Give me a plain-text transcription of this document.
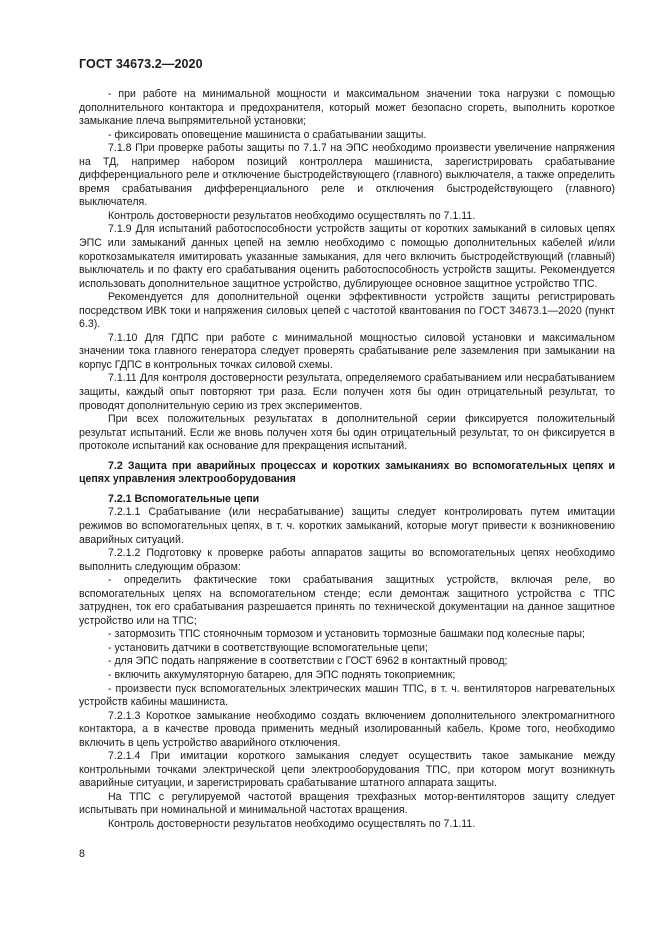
ГОСТ 34673.2—2020

- при работе на минимальной мощности и максимальном значении тока нагрузки с помощью дополнительного контактора и предохранителя, который может безопасно сгореть, выполнить короткое замыкание плеча выпрямительной установки;

- фиксировать оповещение машиниста о срабатывании защиты.

7.1.8 При проверке работы защиты по 7.1.7 на ЭПС необходимо произвести увеличение напряжения на ТД, например набором позиций контроллера машиниста, зарегистрировать срабатывание дифференциального реле и отключение быстродействующего (главного) выключателя, а также определить время срабатывания дифференциального реле и отключения быстродействующего (главного) выключателя.

Контроль достоверности результатов необходимо осуществлять по 7.1.11.

7.1.9 Для испытаний работоспособности устройств защиты от коротких замыканий в силовых цепях ЭПС или замыканий данных цепей на землю необходимо с помощью дополнительных кабелей и/или короткозамыкателя имитировать указанные замыкания, для чего включить быстродействующий (главный) выключатель и по факту его срабатывания оценить работоспособность устройств защиты. Рекомендуется использовать дополнительное защитное устройство, дублирующее основное защитное устройство ТПС.

Рекомендуется для дополнительной оценки эффективности устройств защиты регистрировать посредством ИВК токи и напряжения силовых цепей с частотой квантования по ГОСТ 34673.1—2020 (пункт 6.3).

7.1.10 Для ГДПС при работе с минимальной мощностью силовой установки и максимальном значении тока главного генератора следует проверять срабатывание реле заземления при замыкании на корпус ГДПС в контрольных точках силовой схемы.

7.1.11 Для контроля достоверности результата, определяемого срабатыванием или несрабатыванием защиты, каждый опыт повторяют три раза. Если получен хотя бы один отрицательный результат, то проводят дополнительную серию из трех экспериментов.

При всех положительных результатах в дополнительной серии фиксируется положительный результат испытаний. Если же вновь получен хотя бы один отрицательный результат, то он фиксируется в протоколе испытаний как основание для прекращения испытаний.

7.2 Защита при аварийных процессах и коротких замыканиях во вспомогательных цепях и цепях управления электрооборудования

7.2.1 Вспомогательные цепи

7.2.1.1 Срабатывание (или несрабатывание) защиты следует контролировать путем имитации режимов во вспомогательных цепях, в т. ч. коротких замыканий, которые могут привести к возникновению аварийных ситуаций.

7.2.1.2 Подготовку к проверке работы аппаратов защиты во вспомогательных цепях необходимо выполнить следующим образом:

- определить фактические токи срабатывания защитных устройств, включая реле, во вспомогательных цепях на вспомогательном стенде; если демонтаж защитного устройства с ТПС затруднен, ток его срабатывания разрешается принять по технической документации на данное защитное устройство или на ТПС;

- затормозить ТПС стояночным тормозом и установить тормозные башмаки под колесные пары;

- установить датчики в соответствующие вспомогательные цепи;

- для ЭПС подать напряжение в соответствии с ГОСТ 6962 в контактный провод;

- включить аккумуляторную батарею, для ЭПС поднять токоприемник;

- произвести пуск вспомогательных электрических машин ТПС, в т. ч. вентиляторов нагревательных устройств кабины машиниста.

7.2.1.3 Короткое замыкание необходимо создать включением дополнительного электромагнитного контактора, а в качестве провода применить медный изолированный кабель. Кроме того, необходимо включить в цепь устройство аварийного отключения.

7.2.1.4 При имитации короткого замыкания следует осуществить такое замыкание между контрольными точками электрической цепи электрооборудования ТПС, при котором могут возникнуть аварийные ситуации, и зарегистрировать срабатывание штатного аппарата защиты.

На ТПС с регулируемой частотой вращения трехфазных мотор-вентиляторов защиту следует испытывать при номинальной и минимальной частотах вращения.

Контроль достоверности результатов необходимо осуществлять по 7.1.11.

8
